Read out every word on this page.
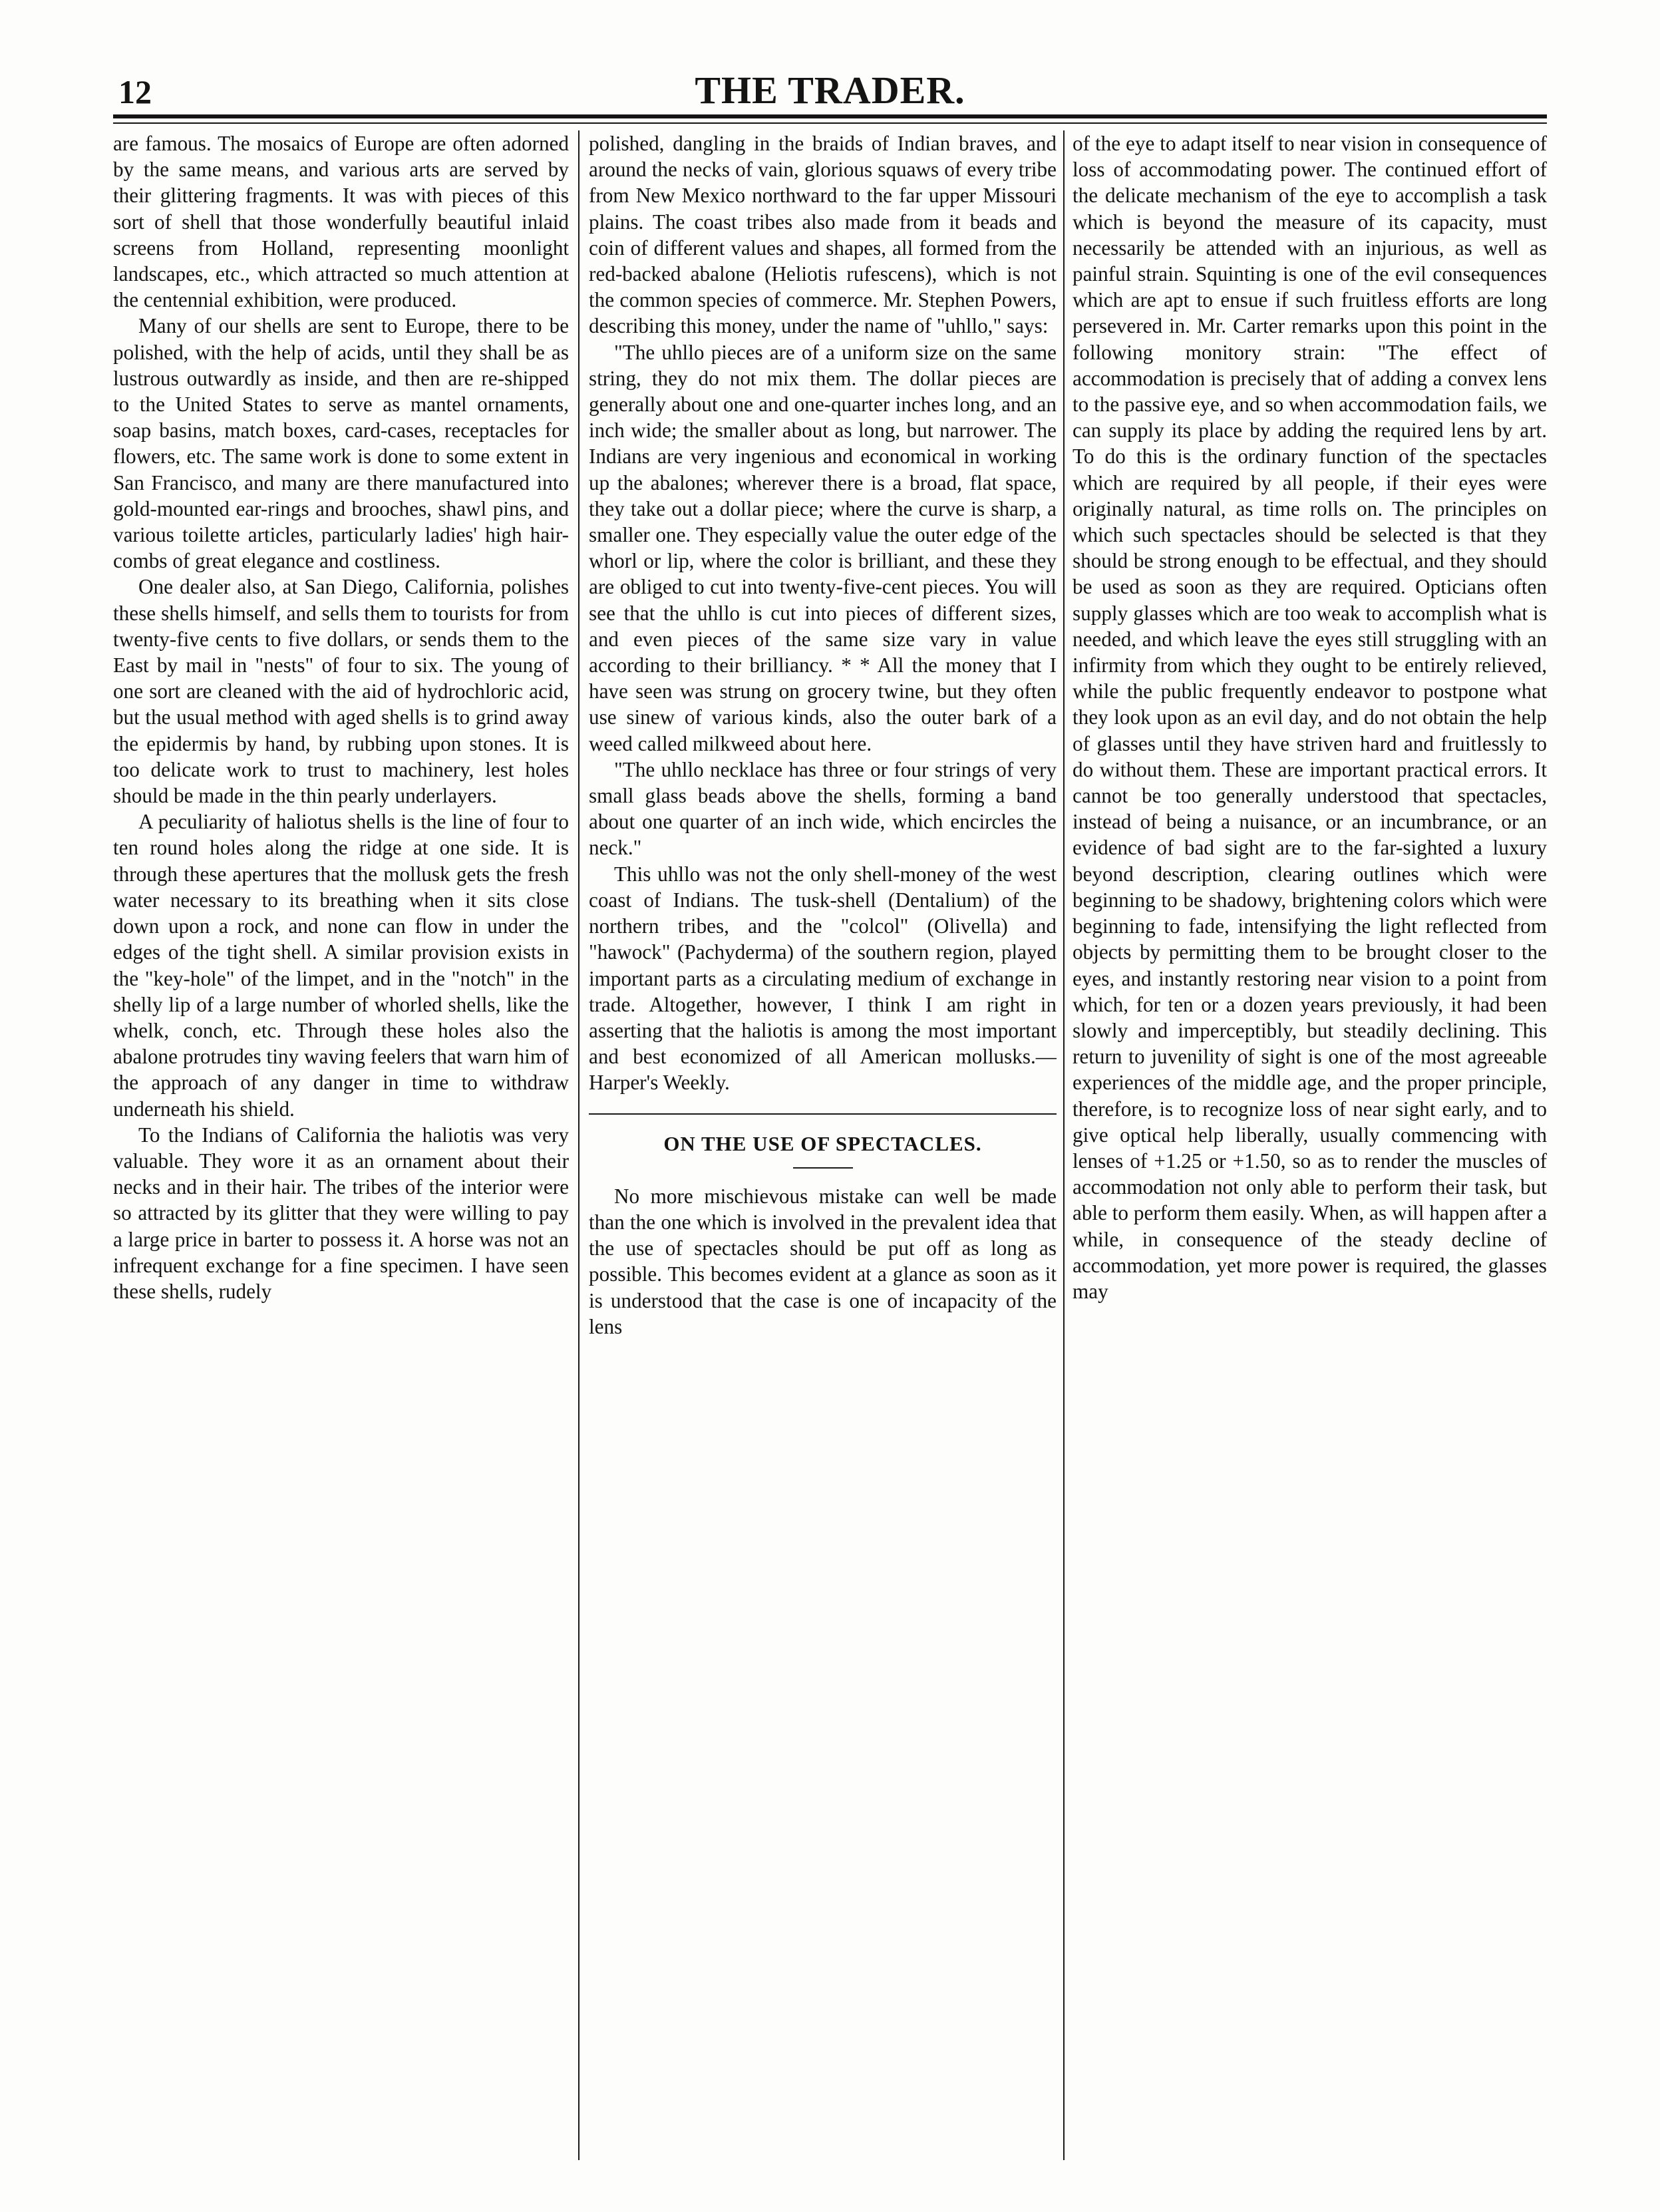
12	THE TRADER.

are famous. The mosaics of Europe are often adorned by the same means, and various arts are served by their glittering fragments. It was with pieces of this sort of shell that those wonderfully beautiful inlaid screens from Holland, representing moonlight landscapes, etc., which attracted so much attention at the centennial exhibition, were produced.

Many of our shells are sent to Europe, there to be polished, with the help of acids, until they shall be as lustrous outwardly as inside, and then are re-shipped to the United States to serve as mantel ornaments, soap basins, match boxes, card-cases, receptacles for flowers, etc. The same work is done to some extent in San Francisco, and many are there manufactured into gold-mounted ear-rings and brooches, shawl pins, and various toilette articles, particularly ladies' high hair-combs of great elegance and costliness.

One dealer also, at San Diego, California, polishes these shells himself, and sells them to tourists for from twenty-five cents to five dollars, or sends them to the East by mail in "nests" of four to six. The young of one sort are cleaned with the aid of hydrochloric acid, but the usual method with aged shells is to grind away the epidermis by hand, by rubbing upon stones. It is too delicate work to trust to machinery, lest holes should be made in the thin pearly underlayers.

A peculiarity of haliotus shells is the line of four to ten round holes along the ridge at one side. It is through these apertures that the mollusk gets the fresh water necessary to its breathing when it sits close down upon a rock, and none can flow in under the edges of the tight shell. A similar provision exists in the "key-hole" of the limpet, and in the "notch" in the shelly lip of a large number of whorled shells, like the whelk, conch, etc. Through these holes also the abalone protrudes tiny waving feelers that warn him of the approach of any danger in time to withdraw underneath his shield.

To the Indians of California the haliotis was very valuable. They wore it as an ornament about their necks and in their hair. The tribes of the interior were so attracted by its glitter that they were willing to pay a large price in barter to possess it. A horse was not an infrequent exchange for a fine specimen. I have seen these shells, rudely

polished, dangling in the braids of Indian braves, and around the necks of vain, glorious squaws of every tribe from New Mexico northward to the far upper Missouri plains. The coast tribes also made from it beads and coin of different values and shapes, all formed from the red-backed abalone (Heliotis rufescens), which is not the common species of commerce. Mr. Stephen Powers, describing this money, under the name of "uhllo," says:

"The uhllo pieces are of a uniform size on the same string, they do not mix them. The dollar pieces are generally about one and one-quarter inches long, and an inch wide; the smaller about as long, but narrower. The Indians are very ingenious and economical in working up the abalones; wherever there is a broad, flat space, they take out a dollar piece; where the curve is sharp, a smaller one. They especially value the outer edge of the whorl or lip, where the color is brilliant, and these they are obliged to cut into twenty-five-cent pieces. You will see that the uhllo is cut into pieces of different sizes, and even pieces of the same size vary in value according to their brilliancy. * * All the money that I have seen was strung on grocery twine, but they often use sinew of various kinds, also the outer bark of a weed called milkweed about here.

"The uhllo necklace has three or four strings of very small glass beads above the shells, forming a band about one quarter of an inch wide, which encircles the neck."

This uhllo was not the only shell-money of the west coast of Indians. The tusk-shell (Dentalium) of the northern tribes, and the "colcol" (Olivella) and "hawock" (Pachyderma) of the southern region, played important parts as a circulating medium of exchange in trade. Altogether, however, I think I am right in asserting that the haliotis is among the most important and best economized of all American mollusks.—Harper's Weekly.

ON THE USE OF SPECTACLES.

No more mischievous mistake can well be made than the one which is involved in the prevalent idea that the use of spectacles should be put off as long as possible. This becomes evident at a glance as soon as it is understood that the case is one of incapacity of the lens

of the eye to adapt itself to near vision in consequence of loss of accommodating power. The continued effort of the delicate mechanism of the eye to accomplish a task which is beyond the measure of its capacity, must necessarily be attended with an injurious, as well as painful strain. Squinting is one of the evil consequences which are apt to ensue if such fruitless efforts are long persevered in. Mr. Carter remarks upon this point in the following monitory strain: "The effect of accommodation is precisely that of adding a convex lens to the passive eye, and so when accommodation fails, we can supply its place by adding the required lens by art. To do this is the ordinary function of the spectacles which are required by all people, if their eyes were originally natural, as time rolls on. The principles on which such spectacles should be selected is that they should be strong enough to be effectual, and they should be used as soon as they are required. Opticians often supply glasses which are too weak to accomplish what is needed, and which leave the eyes still struggling with an infirmity from which they ought to be entirely relieved, while the public frequently endeavor to postpone what they look upon as an evil day, and do not obtain the help of glasses until they have striven hard and fruitlessly to do without them. These are important practical errors. It cannot be too generally understood that spectacles, instead of being a nuisance, or an incumbrance, or an evidence of bad sight are to the far-sighted a luxury beyond description, clearing outlines which were beginning to be shadowy, brightening colors which were beginning to fade, intensifying the light reflected from objects by permitting them to be brought closer to the eyes, and instantly restoring near vision to a point from which, for ten or a dozen years previously, it had been slowly and imperceptibly, but steadily declining. This return to juvenility of sight is one of the most agreeable experiences of the middle age, and the proper principle, therefore, is to recognize loss of near sight early, and to give optical help liberally, usually commencing with lenses of +1.25 or +1.50, so as to render the muscles of accommodation not only able to perform their task, but able to perform them easily. When, as will happen after a while, in consequence of the steady decline of accommodation, yet more power is required, the glasses may
